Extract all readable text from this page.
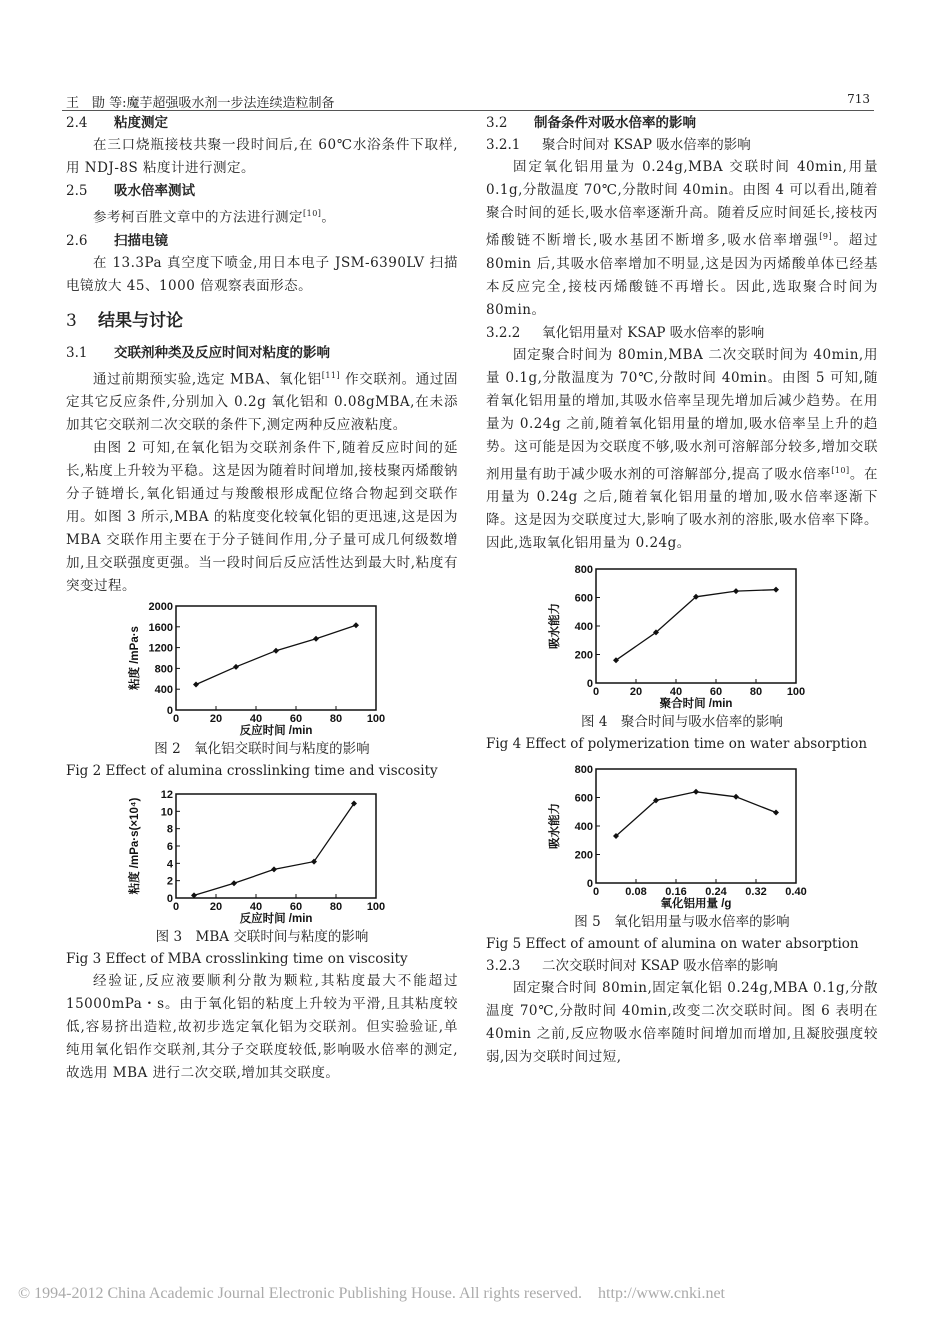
王　勖 等:魔芋超强吸水剂一步法连续造粒制备	713
2.4 粘度测定

在三口烧瓶接枝共聚一段时间后,在 60℃水浴条件下取样,用 NDJ-8S 粘度计进行测定。

2.5 吸水倍率测试

参考柯百胜文章中的方法进行测定[10]。

2.6 扫描电镜

在 13.3Pa 真空度下喷金,用日本电子 JSM-6390LV 扫描电镜放大 45、1000 倍观察表面形态。

3 结果与讨论
3.1 交联剂种类及反应时间对粘度的影响

通过前期预实验,选定 MBA、氧化铝[11] 作交联剂。通过固定其它反应条件,分别加入 0.2g 氧化铝和 0.08gMBA,在未添加其它交联剂二次交联的条件下,测定两种反应液粘度。

由图 2 可知,在氧化铝为交联剂条件下,随着反应时间的延长,粘度上升较为平稳。这是因为随着时间增加,接枝聚丙烯酸钠分子链增长,氧化铝通过与羧酸根形成配位络合物起到交联作用。如图 3 所示,MBA 的粘度变化较氧化铝的更迅速,这是因为 MBA 交联作用主要在于分子链间作用,分子量可成几何级数增加,且交联强度更强。当一段时间后反应活性达到最大时,粘度有突变过程。

0	20	40	60	80 100
0
400
800
1200
1600
2000
反应时间 /min
粘度 /mPa·s

图 2　氧化铝交联时间与粘度的影响

Fig 2 Effect of alumina crosslinking time and viscosity

0	20	40	60	80 100
0
2
4
6
8
10
12
反应时间 /min
粘度 /mPa·s(×10⁴)

图 3　MBA 交联时间与粘度的影响

Fig 3 Effect of MBA crosslinking time on viscosity

经验证,反应液要顺利分散为颗粒,其粘度最大不能超过 15000mPa・s。由于氧化铝的粘度上升较为平滑,且其粘度较低,容易挤出造粒,故初步选定氧化铝为交联剂。但实验验证,单纯用氧化铝作交联剂,其分子交联度较低,影响吸水倍率的测定,故选用 MBA 进行二次交联,增加其交联度。

3.2 制备条件对吸水倍率的影响
3.2.1 聚合时间对 KSAP 吸水倍率的影响

固定氧化铝用量为 0.24g,MBA 交联时间 40min,用量 0.1g,分散温度 70℃,分散时间 40min。由图 4 可以看出,随着聚合时间的延长,吸水倍率逐渐升高。随着反应时间延长,接枝丙烯酸链不断增长,吸水基团不断增多,吸水倍率增强[9]。超过 80min 后,其吸水倍率增加不明显,这是因为丙烯酸单体已经基本反应完全,接枝丙烯酸链不再增长。因此,选取聚合时间为 80min。

3.2.2 氧化铝用量对 KSAP 吸水倍率的影响

固定聚合时间为 80min,MBA 二次交联时间为 40min,用量 0.1g,分散温度为 70℃,分散时间 40min。由图 5 可知,随着氧化铝用量的增加,其吸水倍率呈现先增加后减少趋势。在用量为 0.24g 之前,随着氧化铝用量的增加,吸水倍率呈上升的趋势。这可能是因为交联度不够,吸水剂可溶解部分较多,增加交联剂用量有助于减少吸水剂的可溶解部分,提高了吸水倍率[10]。在用量为 0.24g 之后,随着氧化铝用量的增加,吸水倍率逐渐下降。这是因为交联度过大,影响了吸水剂的溶胀,吸水倍率下降。因此,选取氧化铝用量为 0.24g。

0	20	40	60	80 100
0
200
400
600
800
聚合时间 /min
吸水能力

图 4　聚合时间与吸水倍率的影响

Fig 4 Effect of polymerization time on water absorption

0 0.08 0.16 0.24 0.32 0.40
0
200
400
600
800
氧化铝用量 /g
吸水能力

图 5　氧化铝用量与吸水倍率的影响

Fig 5 Effect of amount of alumina on water absorption

3.2.3 二次交联时间对 KSAP 吸水倍率的影响

固定聚合时间 80min,固定氧化铝 0.24g,MBA 0.1g,分散温度 70℃,分散时间 40min,改变二次交联时间。图 6 表明在 40min 之前,反应物吸水倍率随时间增加而增加,且凝胶强度较弱,因为交联时间过短,

© 1994-2012 China Academic Journal Electronic Publishing House. All rights reserved.    http://www.cnki.net
